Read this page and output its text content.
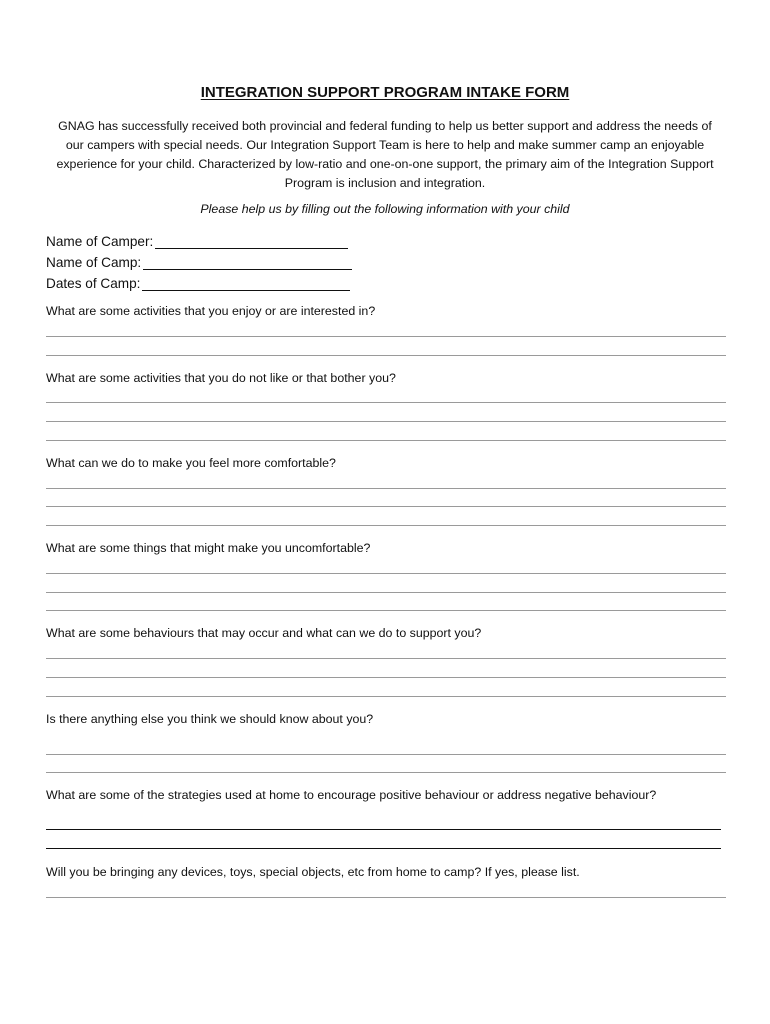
INTEGRATION SUPPORT PROGRAM INTAKE FORM
GNAG has successfully received both provincial and federal funding to help us better support and address the needs of our campers with special needs. Our Integration Support Team is here to help and make summer camp an enjoyable experience for your child. Characterized by low-ratio and one-on-one support, the primary aim of the Integration Support Program is inclusion and integration.
Please help us by filling out the following information with your child
Name of Camper:
Name of Camp:
Dates of Camp:
What are some activities that you enjoy or are interested in?
What are some activities that you do not like or that bother you?
What can we do to make you feel more comfortable?
What are some things that might make you uncomfortable?
What are some behaviours that may occur and what can we do to support you?
Is there anything else you think we should know about you?
What are some of the strategies used at home to encourage positive behaviour or address negative behaviour?
Will you be bringing any devices, toys, special objects, etc from home to camp? If yes, please list.
